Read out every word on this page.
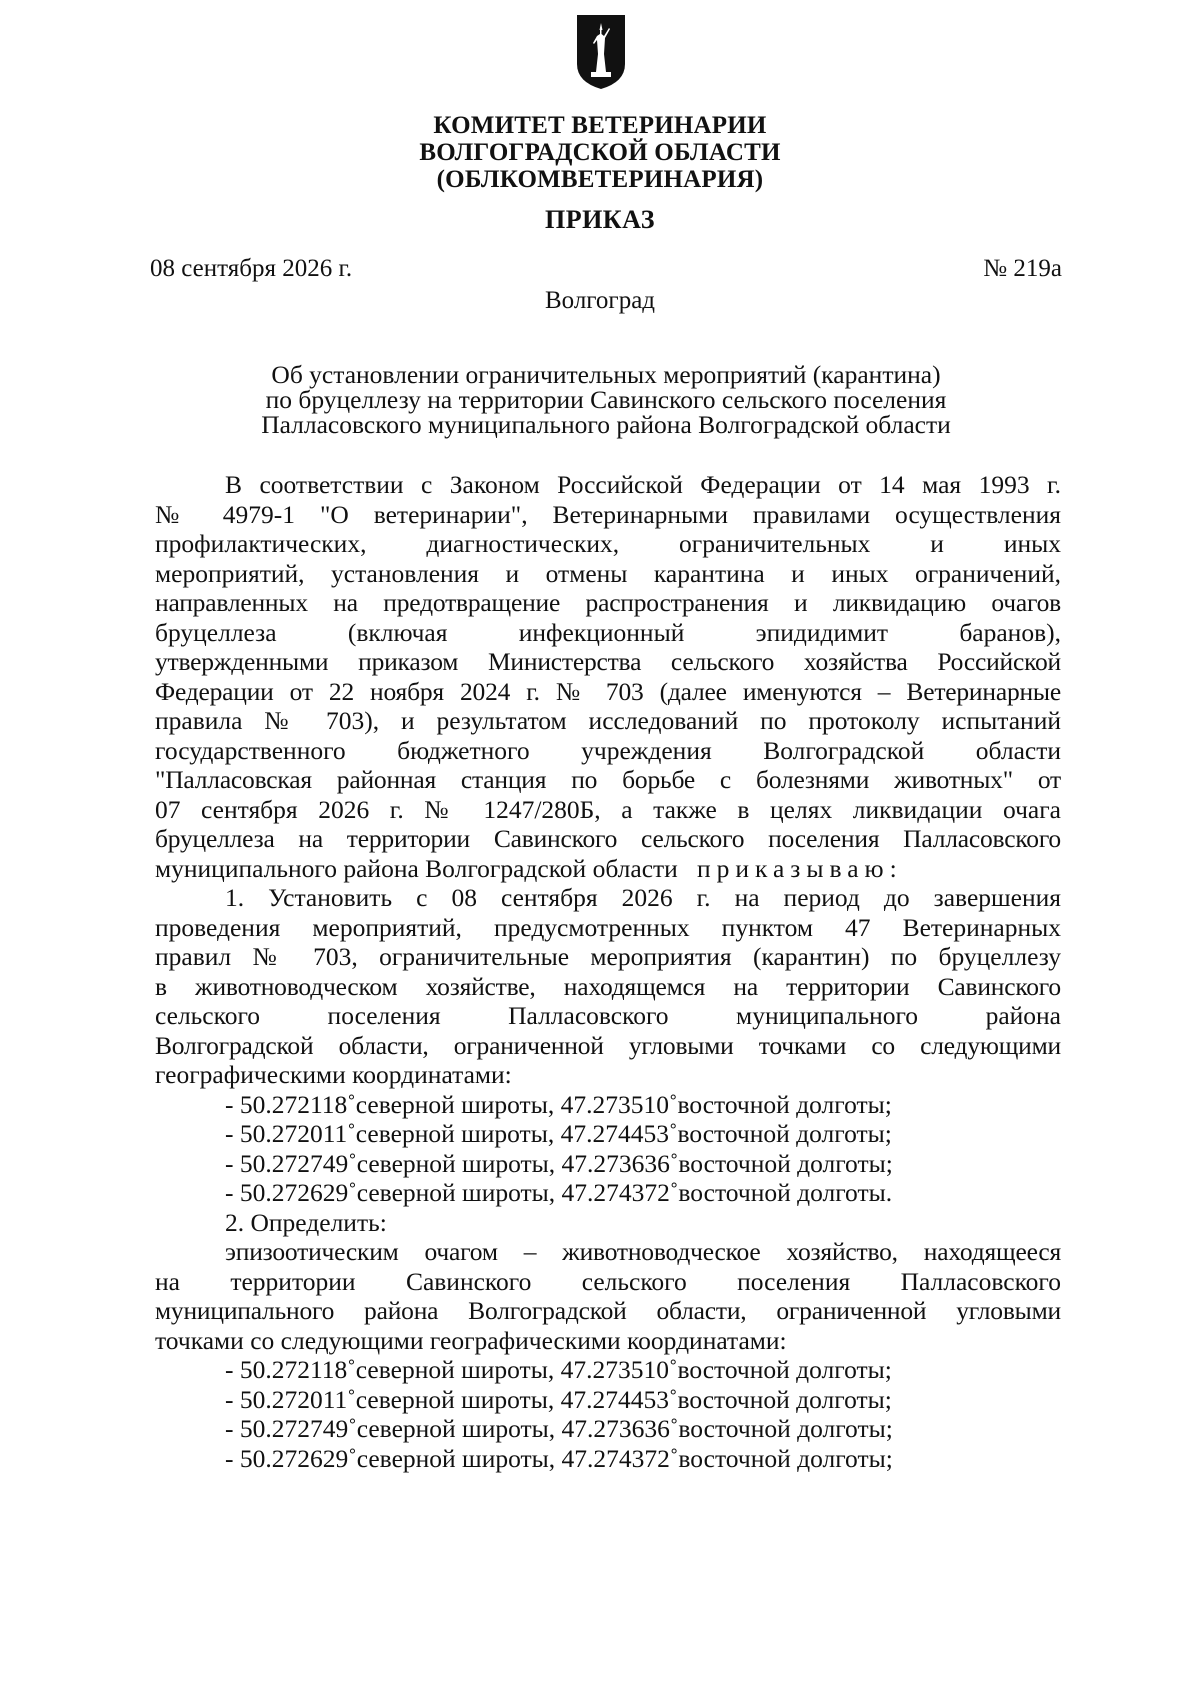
КОМИТЕТ ВЕТЕРИНАРИИ
ВОЛГОГРАДСКОЙ ОБЛАСТИ
(ОБЛКОМВЕТЕРИНАРИЯ)
ПРИКАЗ
08 сентября 2026 г.	№ 219а
Волгоград
Об установлении ограничительных мероприятий (карантина)
по бруцеллезу на территории Савинского сельского поселения
Палласовского муниципального района Волгоградской области

В соответствии с Законом Российской Федерации от 14 мая 1993 г.

№ 4979-1 "О ветеринарии", Ветеринарными правилами осуществления

профилактических, диагностических, ограничительных и иных

мероприятий, установления и отмены карантина и иных ограничений,

направленных на предотвращение распространения и ликвидацию очагов

бруцеллеза (включая инфекционный эпидидимит баранов),

утвержденными приказом Министерства сельского хозяйства Российской

Федерации от 22 ноября 2024 г. № 703 (далее именуются – Ветеринарные

правила № 703), и результатом исследований по протоколу испытаний

государственного бюджетного учреждения Волгоградской области

"Палласовская районная станция по борьбе с болезнями животных" от

07 сентября 2026 г. № 1247/280Б, а также в целях ликвидации очага

бруцеллеза на территории Савинского сельского поселения Палласовского

муниципального района Волгоградской области приказываю:

1. Установить с 08 сентября 2026 г. на период до завершения

проведения мероприятий, предусмотренных пунктом 47 Ветеринарных

правил № 703, ограничительные мероприятия (карантин) по бруцеллезу

в животноводческом хозяйстве, находящемся на территории Савинского

сельского поселения Палласовского муниципального района

Волгоградской области, ограниченной угловыми точками со следующими

географическими координатами:

- 50.272118˚северной широты, 47.273510˚восточной долготы;

- 50.272011˚северной широты, 47.274453˚восточной долготы;

- 50.272749˚северной широты, 47.273636˚восточной долготы;

- 50.272629˚северной широты, 47.274372˚восточной долготы.

2. Определить:

эпизоотическим очагом – животноводческое хозяйство, находящееся

на территории Савинского сельского поселения Палласовского

муниципального района Волгоградской области, ограниченной угловыми

точками со следующими географическими координатами:

- 50.272118˚северной широты, 47.273510˚восточной долготы;

- 50.272011˚северной широты, 47.274453˚восточной долготы;

- 50.272749˚северной широты, 47.273636˚восточной долготы;

- 50.272629˚северной широты, 47.274372˚восточной долготы;
